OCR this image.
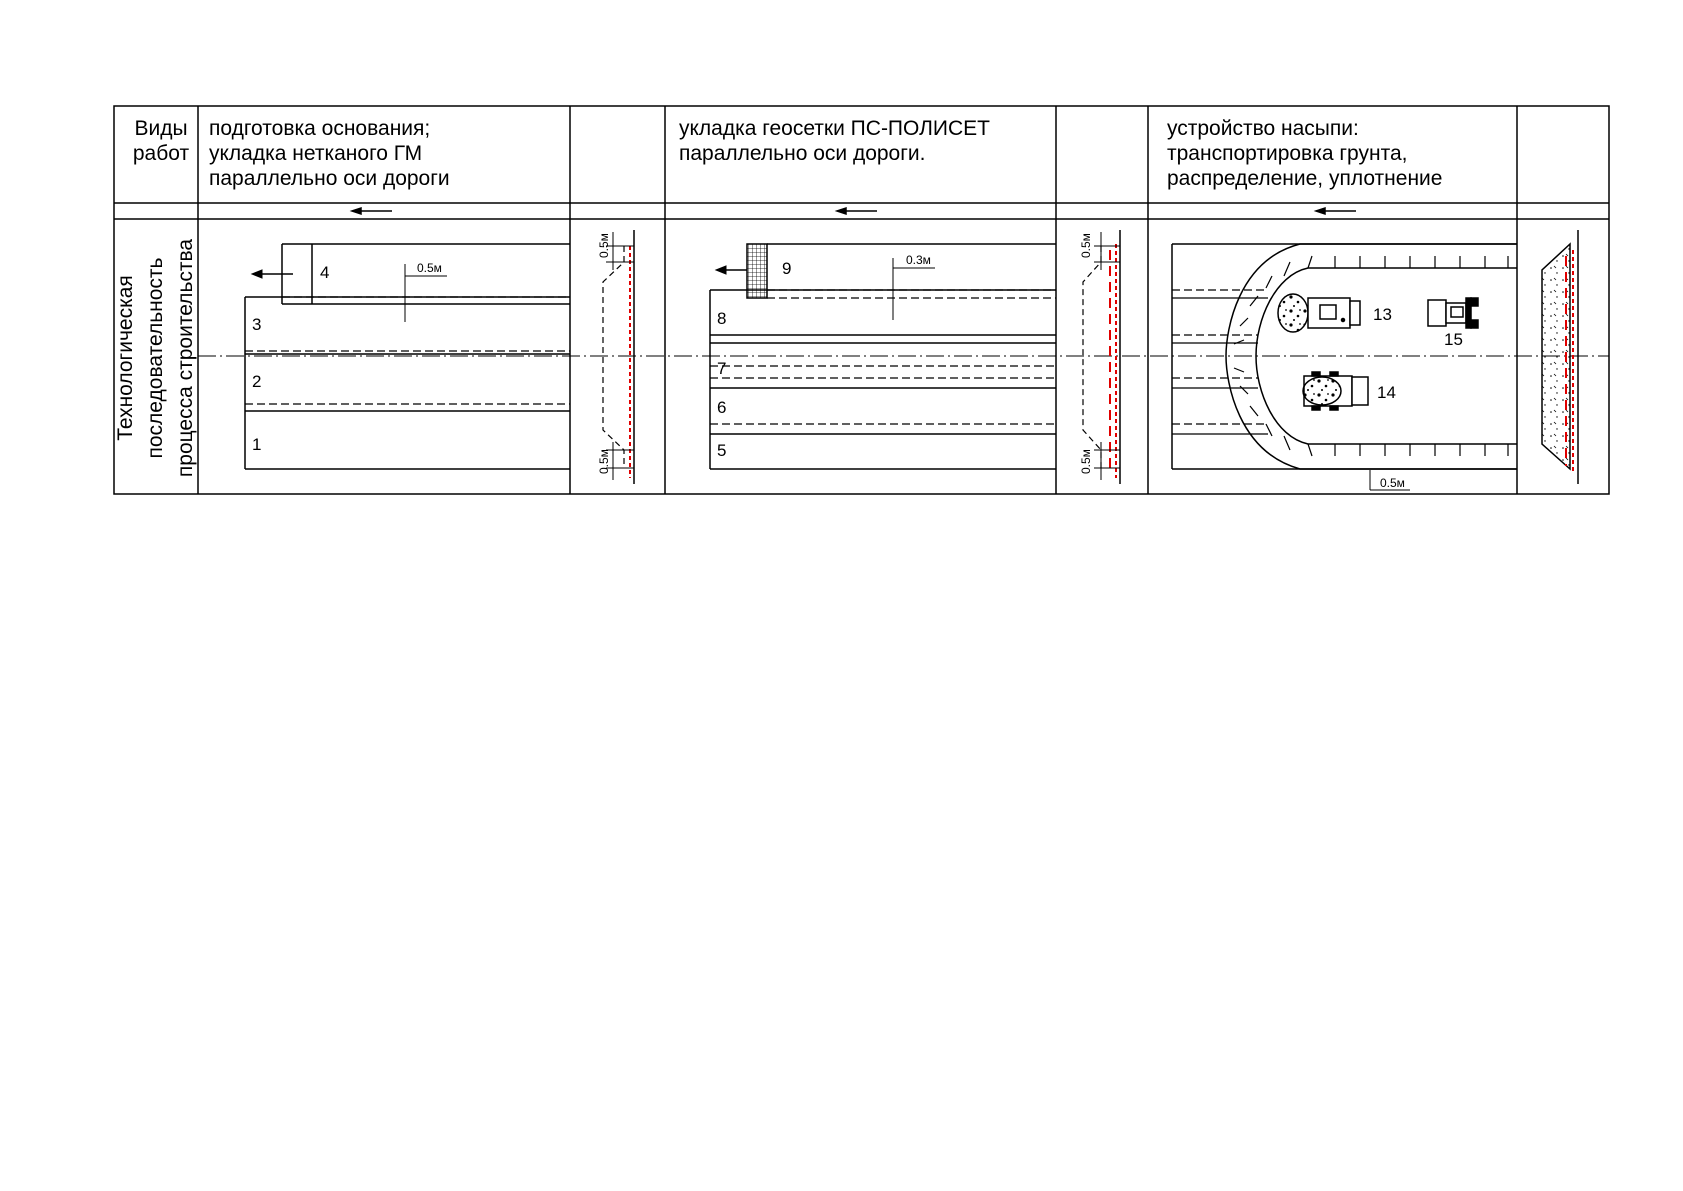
0.5м
1
2
3
4
0.5м
0.5м
0.3м
5
6
7
8
9
0.5м
0.5м
0.5м
13
14
15
Виды
работ
подготовка основания;
укладка нетканого ГМ
параллельно оси дороги
укладка геосетки ПС-ПОЛИСЕТ
параллельно оси дороги.
устройство насыпи:
транспортировка грунта,
распределение, уплотнение
Технологическая последовательность процесса строительства
